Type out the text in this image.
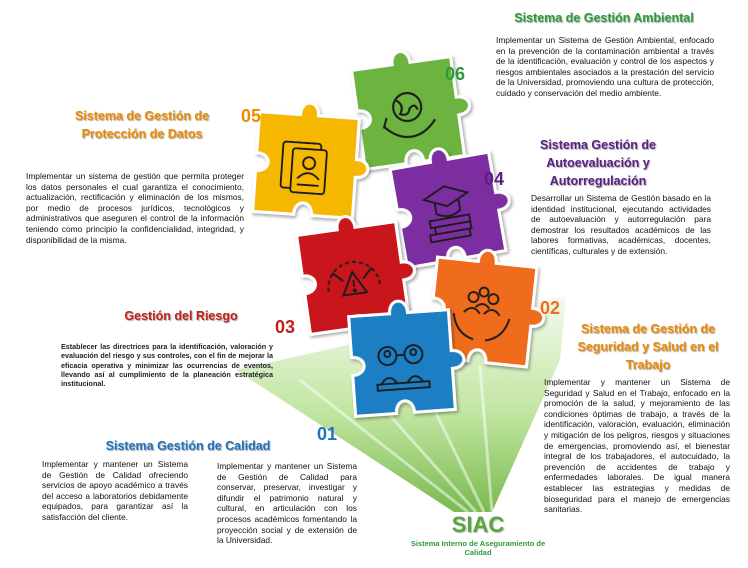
Sistema de Gestión Ambiental
Implementar un Sistema de Gestión Ambiental, enfocado en la prevención de la contaminación ambiental a través de la identificación, evaluación y control de los aspectos y riesgos ambientales asociados a la prestación del servicio de la Universidad, promoviendo una cultura de protección, cuidado y conservación del medio ambiente.
06
05
Sistema de Gestión de Protección de Datos
Implementar un sistema de gestión que permita proteger los datos personales el cual garantiza el conocimiento, actualización, rectificación y eliminación de los mismos, por medio de procesos jurídicos, tecnológicos y administrativos que aseguren el control de la información teniendo como principio la confidencialidad, integridad, y disponibilidad de la misma.
Sistema Gestión de Autoevaluación y Autorregulación
04
Desarrollar un Sistema de Gestión basado en la identidad institucional, ejecutando actividades de autoevaluación y autorregulación para demostrar los resultados académicos de las labores formativas, académicas, docentes, científicas, culturales y de extensión.
Gestión del Riesgo
03
Establecer las directrices para la identificación, valoración y evaluación del riesgo y sus controles, con el fin de mejorar la eficacia operativa y minimizar las ocurrencias de eventos, llevando así al cumplimiento de la planeación estratégica institucional.
02
Sistema de Gestión de Seguridad y Salud en el Trabajo
Implementar y mantener un Sistema de Seguridad y Salud en el Trabajo, enfocado en la promoción de la salud, y mejoramiento de las condiciones óptimas de trabajo, a través de la identificación, valoración, evaluación, eliminación y mitigación de los peligros, riesgos y situaciones de emergencias, promoviendo así, el bienestar integral de los trabajadores, el autocuidado, la prevención de accidentes de trabajo y enfermedades laborales. De igual manera establecer las estrategias y medidas de bioseguridad para el manejo de emergencias sanitarias.
01
Sistema Gestión de Calidad
Implementar y mantener un Sistema de Gestión de Calidad ofreciendo servicios de apoyo académico a través del acceso a laboratorios debidamente equipados, para garantizar así la satisfacción del cliente.
Implementar y mantener un Sistema de Gestión de Calidad para conservar, preservar, investigar y difundir el patrimonio natural y cultural, en articulación con los procesos académicos fomentando la proyección social y de extensión de la Universidad.
SIAC
Sistema Interno de Aseguramiento de Calidad
